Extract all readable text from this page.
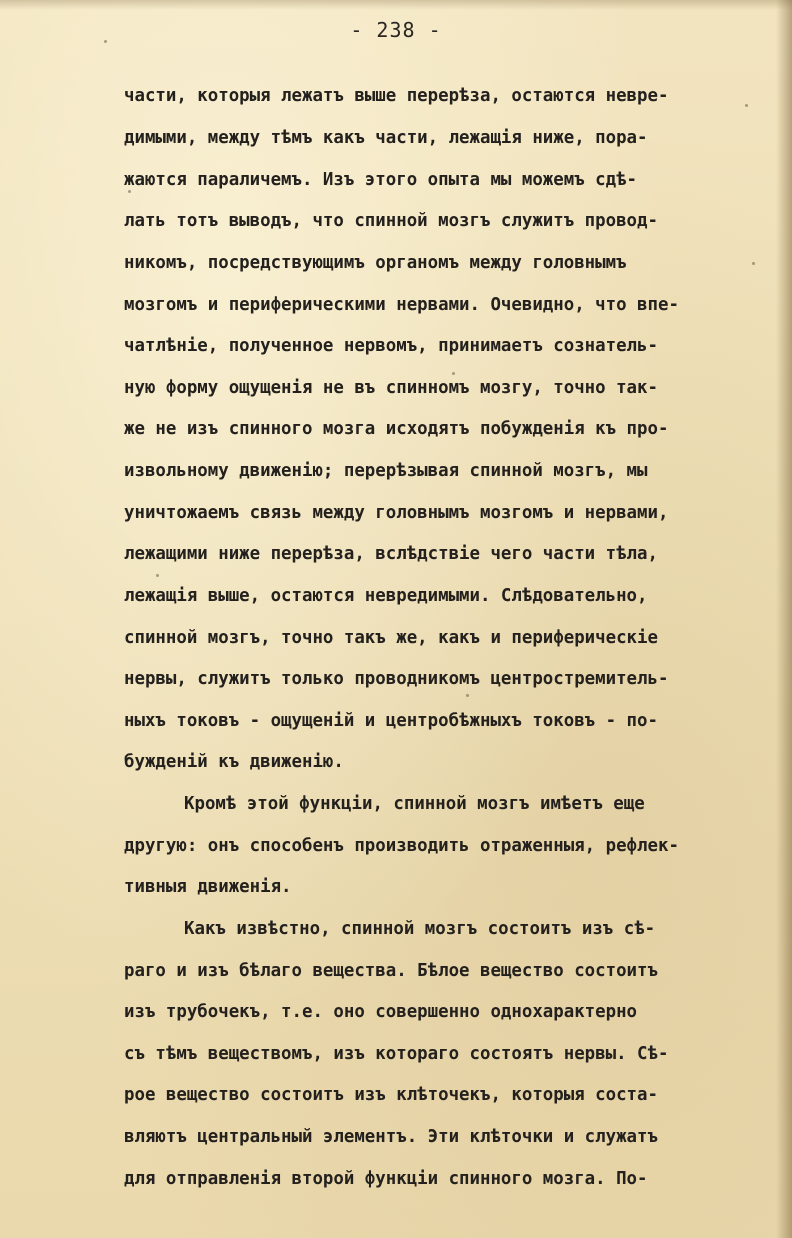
- 238 -

части, которыя лежатъ выше перерѣза, остаются невре-

димыми, между тѣмъ какъ части, лежащія ниже, пора-

жаются параличемъ. Изъ этого опыта мы можемъ сдѣ-

лать тотъ выводъ, что спинной мозгъ служитъ провод-

никомъ, посредствующимъ органомъ между головнымъ

мозгомъ и периферическими нервами. Очевидно, что впе-

чатлѣніе, полученное нервомъ, принимаетъ сознатель-

ную форму ощущенія не въ спинномъ мозгу, точно так-

же не изъ спинного мозга исходятъ побужденія къ про-

извольному движенію; перерѣзывая спинной мозгъ, мы

уничтожаемъ связь между головнымъ мозгомъ и нервами,

лежащими ниже перерѣза, вслѣдствіе чего части тѣла,

лежащія выше, остаются невредимыми. Слѣдовательно,

спинной мозгъ, точно такъ же, какъ и периферическіе

нервы, служитъ только проводникомъ центростремитель-

ныхъ токовъ - ощущеній и центробѣжныхъ токовъ - по-

бужденій къ движенію.

Кромѣ этой функціи, спинной мозгъ имѣетъ еще

другую: онъ способенъ производить отраженныя, рефлек-

тивныя движенія.

Какъ извѣстно, спинной мозгъ состоитъ изъ сѣ-

раго и изъ бѣлаго вещества. Бѣлое вещество состоитъ

изъ трубочекъ, т.е. оно совершенно однохарактерно

съ тѣмъ веществомъ, изъ котораго состоятъ нервы. Сѣ-

рое вещество состоитъ изъ клѣточекъ, которыя соста-

вляютъ центральный элементъ. Эти клѣточки и служатъ

для отправленія второй функціи спинного мозга. По-
